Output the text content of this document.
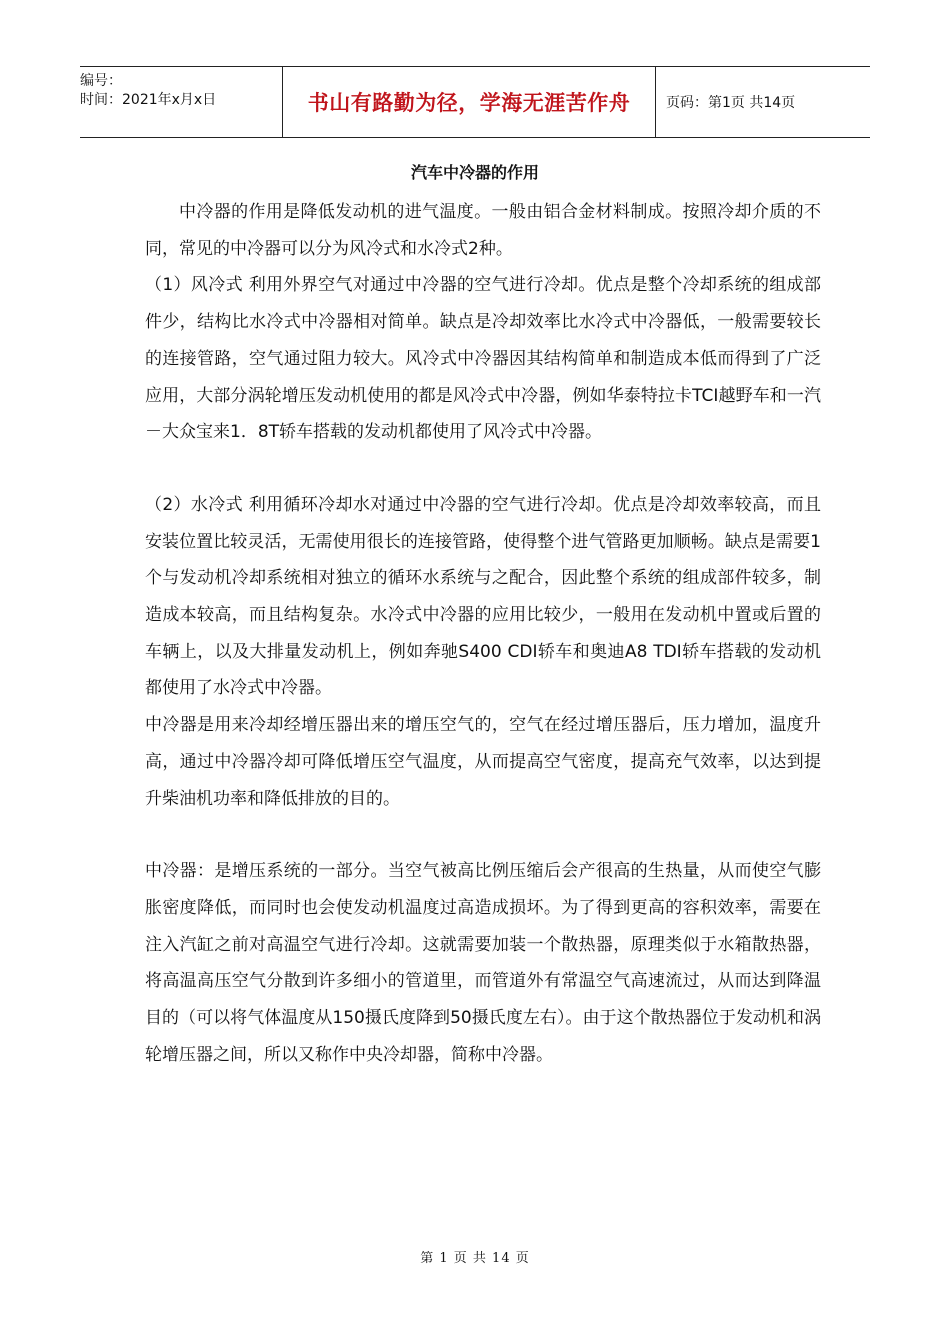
编号：
时间：2021年x月x日	书山有路勤为径，学海无涯苦作舟	页码：第1页 共14页
汽车中冷器的作用

中冷器的作用是降低发动机的进气温度。一般由铝合金材料制成。按照冷却介质的不同，常见的中冷器可以分为风冷式和水冷式2种。

（1）风冷式 利用外界空气对通过中冷器的空气进行冷却。优点是整个冷却系统的组成部件少，结构比水冷式中冷器相对简单。缺点是冷却效率比水冷式中冷器低，一般需要较长的连接管路，空气通过阻力较大。风冷式中冷器因其结构简单和制造成本低而得到了广泛应用，大部分涡轮增压发动机使用的都是风冷式中冷器，例如华泰特拉卡TCI越野车和一汽－大众宝来1．8T轿车搭载的发动机都使用了风冷式中冷器。

（2）水冷式 利用循环冷却水对通过中冷器的空气进行冷却。优点是冷却效率较高，而且安装位置比较灵活，无需使用很长的连接管路，使得整个进气管路更加顺畅。缺点是需要1个与发动机冷却系统相对独立的循环水系统与之配合，因此整个系统的组成部件较多，制造成本较高，而且结构复杂。水冷式中冷器的应用比较少，一般用在发动机中置或后置的车辆上，以及大排量发动机上，例如奔驰S400 CDI轿车和奥迪A8 TDI轿车搭载的发动机都使用了水冷式中冷器。

中冷器是用来冷却经增压器出来的增压空气的，空气在经过增压器后，压力增加，温度升高，通过中冷器冷却可降低增压空气温度，从而提高空气密度，提高充气效率，以达到提升柴油机功率和降低排放的目的。

中冷器：是增压系统的一部分。当空气被高比例压缩后会产很高的生热量，从而使空气膨胀密度降低，而同时也会使发动机温度过高造成损坏。为了得到更高的容积效率，需要在注入汽缸之前对高温空气进行冷却。这就需要加装一个散热器，原理类似于水箱散热器，将高温高压空气分散到许多细小的管道里，而管道外有常温空气高速流过，从而达到降温目的（可以将气体温度从150摄氏度降到50摄氏度左右）。由于这个散热器位于发动机和涡轮增压器之间，所以又称作中央冷却器，简称中冷器。

第 1 页 共 14 页
